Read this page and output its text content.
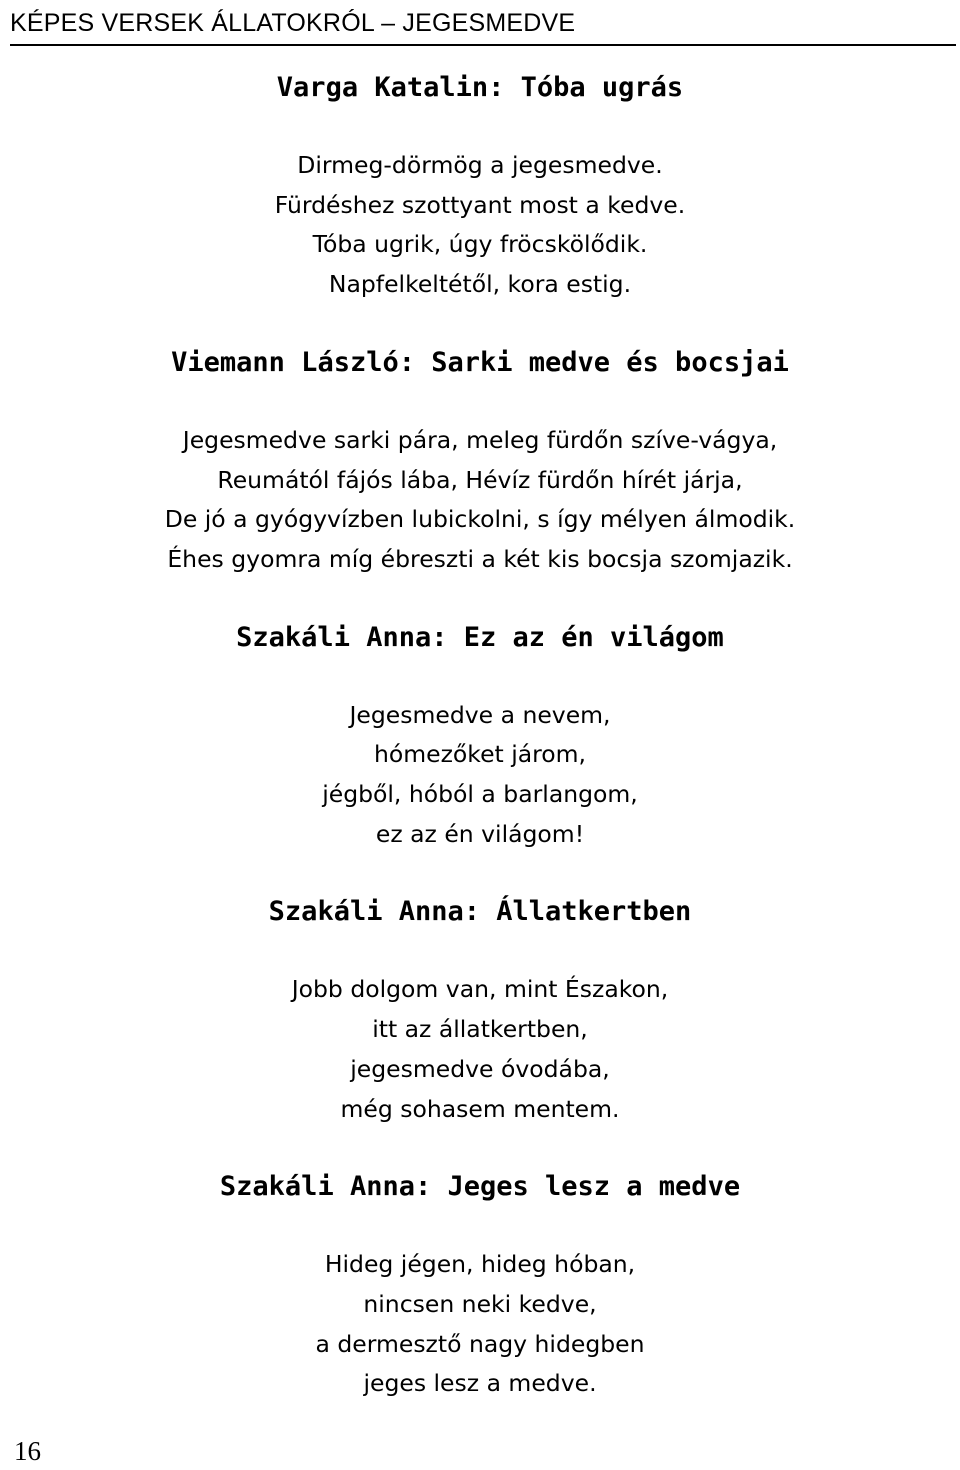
KÉPES VERSEK ÁLLATOKRÓL – JEGESMEDVE
Varga Katalin: Tóba ugrás
Dirmeg-dörmög a jegesmedve.
Fürdéshez szottyant most a kedve.
Tóba ugrik, úgy fröcskölődik.
Napfelkeltétől, kora estig.
Viemann László: Sarki medve és bocsjai
Jegesmedve sarki pára, meleg fürdőn szíve-vágya,
Reumától fájós lába, Hévíz fürdőn hírét járja,
De jó a gyógyvízben lubickolni, s így mélyen álmodik.
Éhes gyomra míg ébreszti a két kis bocsja szomjazik.
Szakáli Anna: Ez az én világom
Jegesmedve a nevem,
hómezőket járom,
jégből, hóból a barlangom,
ez az én világom!
Szakáli Anna: Állatkertben
Jobb dolgom van, mint Északon,
itt az állatkertben,
jegesmedve óvodába,
még sohasem mentem.
Szakáli Anna: Jeges lesz a medve
Hideg jégen, hideg hóban,
nincsen neki kedve,
a dermesztő nagy hidegben
jeges lesz a medve.
16
